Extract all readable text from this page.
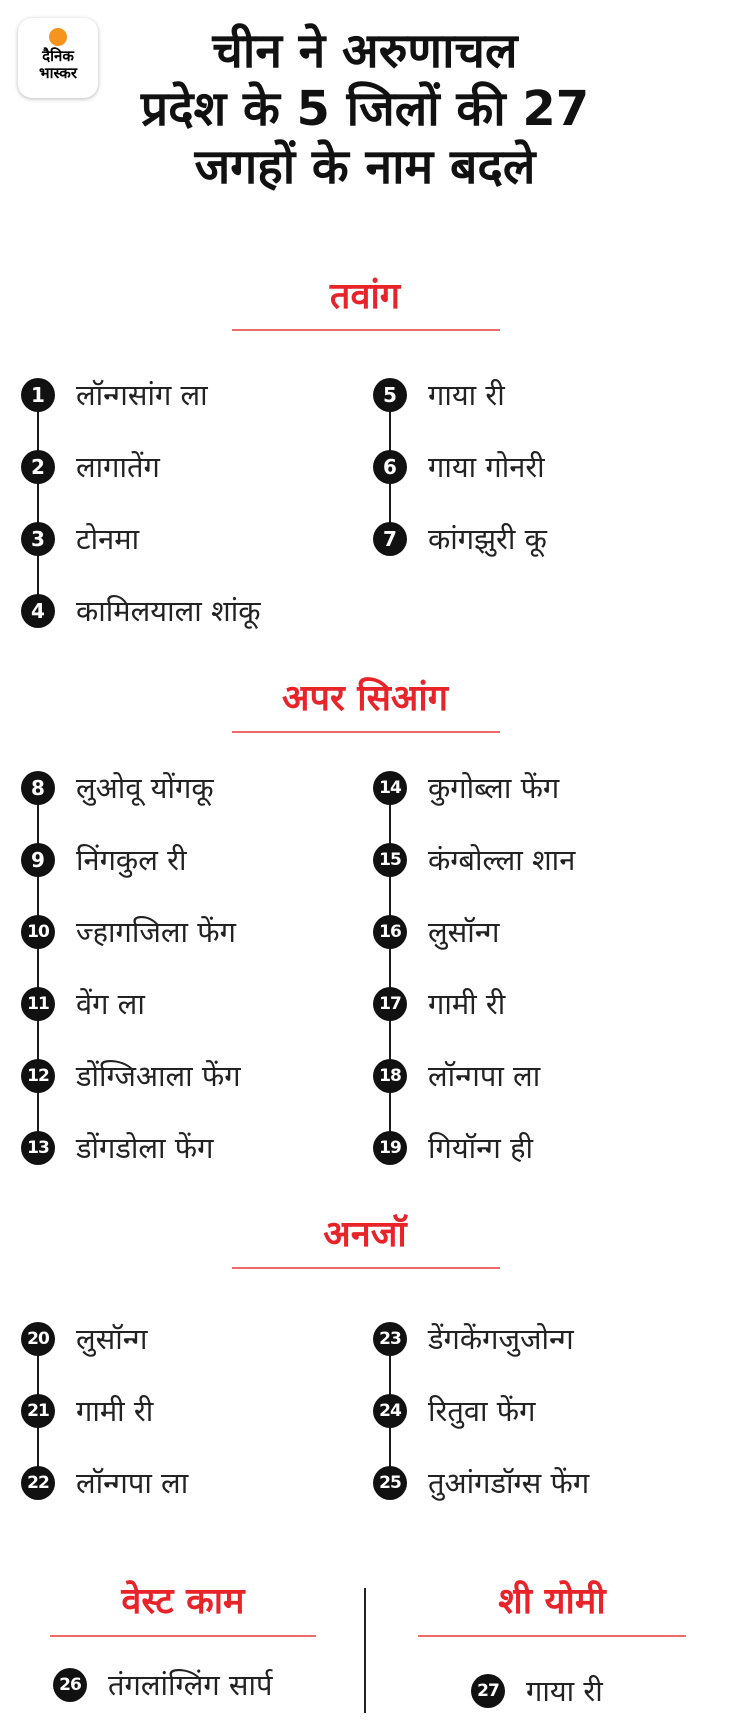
दैनिक
भास्कर	चीन ने अरुणाचल
प्रदेश के 5 जिलों की 27
जगहों के नाम बदले
तवांग
1	लॉन्गसांग ला
2	लागातेंग
3	टोनमा
4	कामिलयाला शांकू
5	गाया री
6	गाया गोनरी
7	कांगझुरी कू
अपर सिआंग
8	लुओवू योंगकू
9	निंगकुल री
10 ज्हागजिला फेंग
11 वेंग ला
12 डोंग्जिआला फेंग
13 डोंगडोला फेंग
14 कुगोब्ला फेंग
15 कंग्बोल्ला शान
16 लुसॉन्ग
17 गामी री
18 लॉन्गपा ला
19 गियॉन्ग ही
अनजॉ
20 लुसॉन्ग
21 गामी री
22 लॉन्गपा ला
23 डेंगकेंगजुजोन्ग
24 रितुवा फेंग
25 तुआंगडॉग्स फेंग
वेस्ट काम	शी योमी
26 तंगलांग्लिंग सार्प	27 गाया री
